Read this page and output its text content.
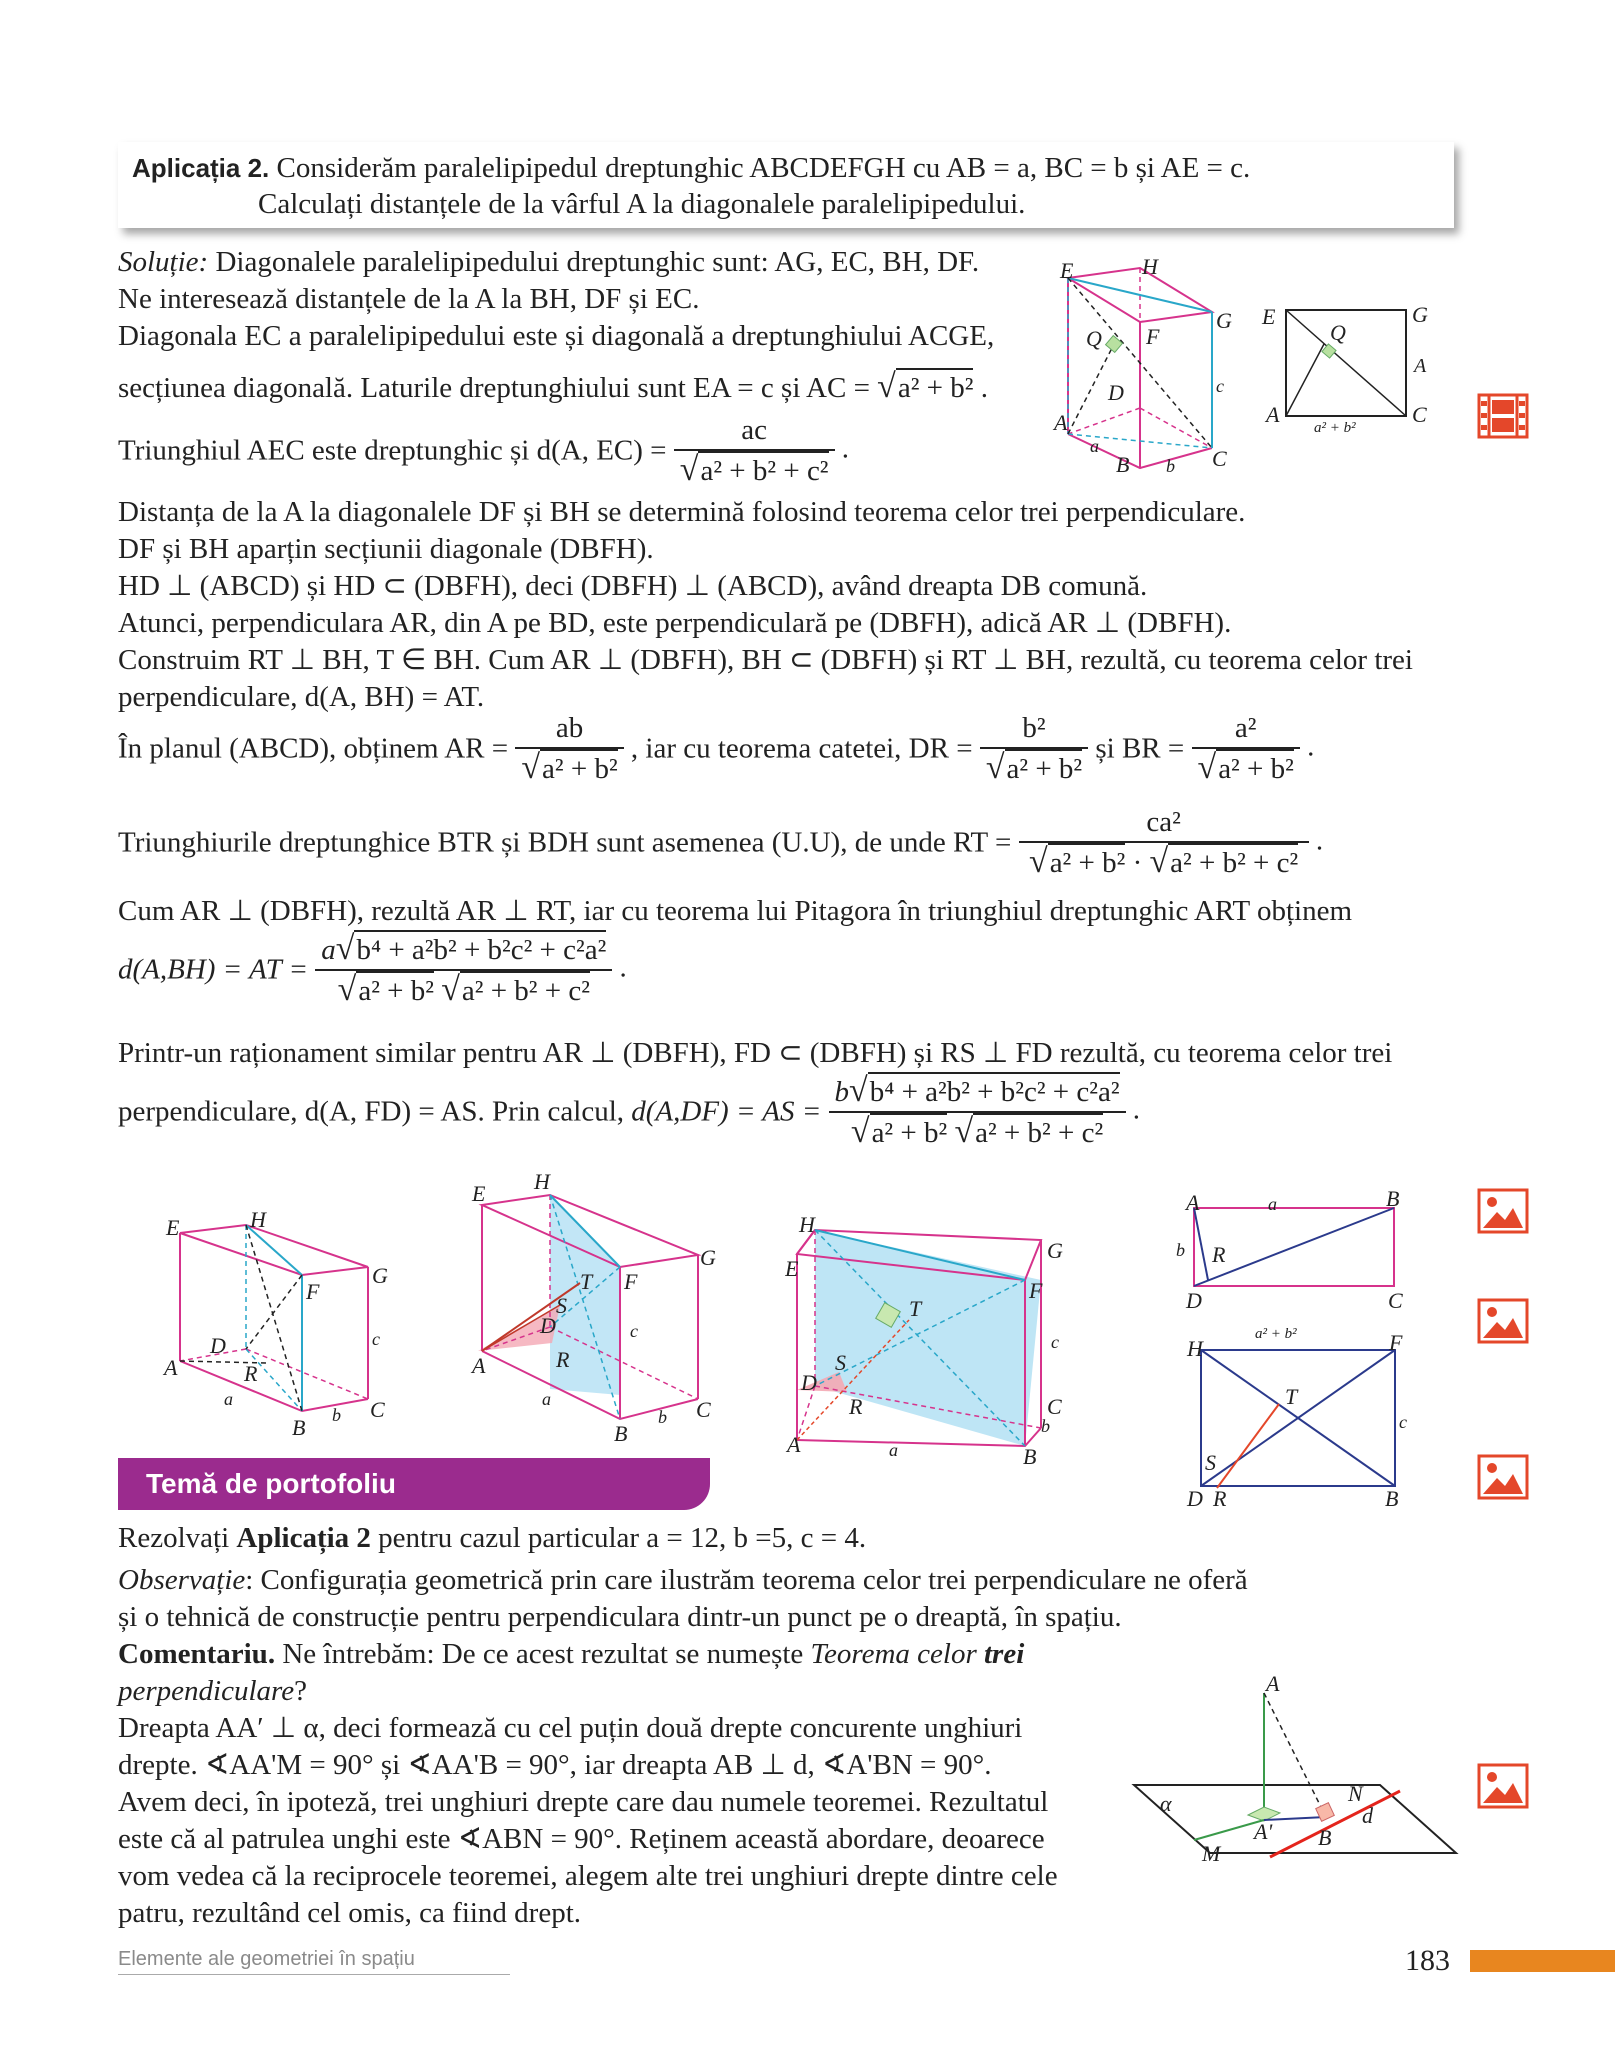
Aplicația 2. Considerăm paralelipipedul dreptunghic ABCDEFGH cu AB = a, BC = b și AE = c.
Calculați distanțele de la vârful A la diagonalele paralelipipedului.
Soluție: Diagonalele paralelipipedului dreptunghic sunt: AG, EC, BH, DF.
Ne interesează distanțele de la A la BH, DF și EC.
Diagonala EC a paralelipipedului este și diagonală a dreptunghiului ACGE,
secțiunea diagonală. Laturile dreptunghiului sunt EA = c și AC = √a² + b² .
Triunghiul AEC este dreptunghic și d(A, $EC) = \frac{ac}{\text{√a² + b² + c²}}$ .
Distanța de la A la diagonalele DF și BH se determină folosind teorema celor trei perpendiculare.
DF și BH aparțin secțiunii diagonale (DBFH).
HD ⊥ (ABCD) și HD ⊂ (DBFH), deci (DBFH) ⊥ (ABCD), având dreapta DB comună.
Atunci, perpendiculara AR, din A pe BD, este perpendiculară pe (DBFH), adică AR ⊥ (DBFH).
Construim RT ⊥ BH, T ∈ BH. Cum AR ⊥ (DBFH), BH ⊂ (DBFH) și RT ⊥ BH, rezultă, cu teorema celor trei
perpendiculare, d(A, BH) = AT.
În planul (ABCD), obținem AR = $\frac{ab}{\text{√a² + b²}}$ , iar cu teorema catetei, DR = $\frac{\text{b²}}{\text{√a² + b²}}$ și BR = $\frac{\text{a²}}{\text{√a² + b²}}$ .
Triunghiurile dreptunghice BTR și BDH sunt asemenea (U.U), de unde RT = $\frac{\text{ca²}}{\text{√a² + b² · √a² + b² + c²}}$ .
Cum AR ⊥ (DBFH), rezultă AR ⊥ RT, iar cu teorema lui Pitagora în triunghiul dreptunghic ART obținem
d(A,BH) = AT = $\frac{\text{a√b⁴ + a²b² + b²c² + c²a²}}{\text{√a² + b² √a² + b² + c²}}$ .
Printr-un raționament similar pentru AR ⊥ (DBFH), FD ⊂ (DBFH) și RS ⊥ FD rezultă, cu teorema celor trei
perpendiculare, d(A, FD) = AS. Prin calcul, d(A,DF) = AS = $\frac{\text{b√b⁴ + a²b² + b²c² + c²a²}}{\text{√a² + b² √a² + b² + c²}}$ .
E	H
G
F
Q
D	c
A
a
B b C
E
Q
G
A
A	C
a² + b²
E	H
G
F
D	c
A	R
a
B b C
H
E
G
T F
S
D	c
R
A
a	C
b
B
H
G
E
F
T
c
S
D
R	C
b
A	a	B
A	a	B
b R
D	C
H
a² + b²	F
T
c
S
D R	B
Temă de portofoliu
Rezolvați Aplicația 2 pentru cazul particular a = 12, b =5, c = 4.
Observație: Configurația geometrică prin care ilustrăm teorema celor trei perpendiculare ne oferă
și o tehnică de construcție pentru perpendiculara dintr-un punct pe o dreaptă, în spațiu.
Comentariu. Ne întrebăm: De ce acest rezultat se numește Teorema celor trei
perpendiculare?
Dreapta AA′ ⊥ α, deci formează cu cel puțin două drepte concurente unghiuri
drepte. ∢AA'M = 90° și ∢AA'B = 90°, iar dreapta AB ⊥ d, ∢A'BN = 90°.
Avem deci, în ipoteză, trei unghiuri drepte care dau numele teoremei. Rezultatul
este că al patrulea unghi este ∢ABN = 90°. Reținem această abordare, deoarece
vom vedea că la reciprocele teoremei, alegem alte trei unghiuri drepte dintre cele
patru, rezultând cel omis, ca fiind drept.
A
α	N
d
A'
M
B
Elemente ale geometriei în spațiu	183
